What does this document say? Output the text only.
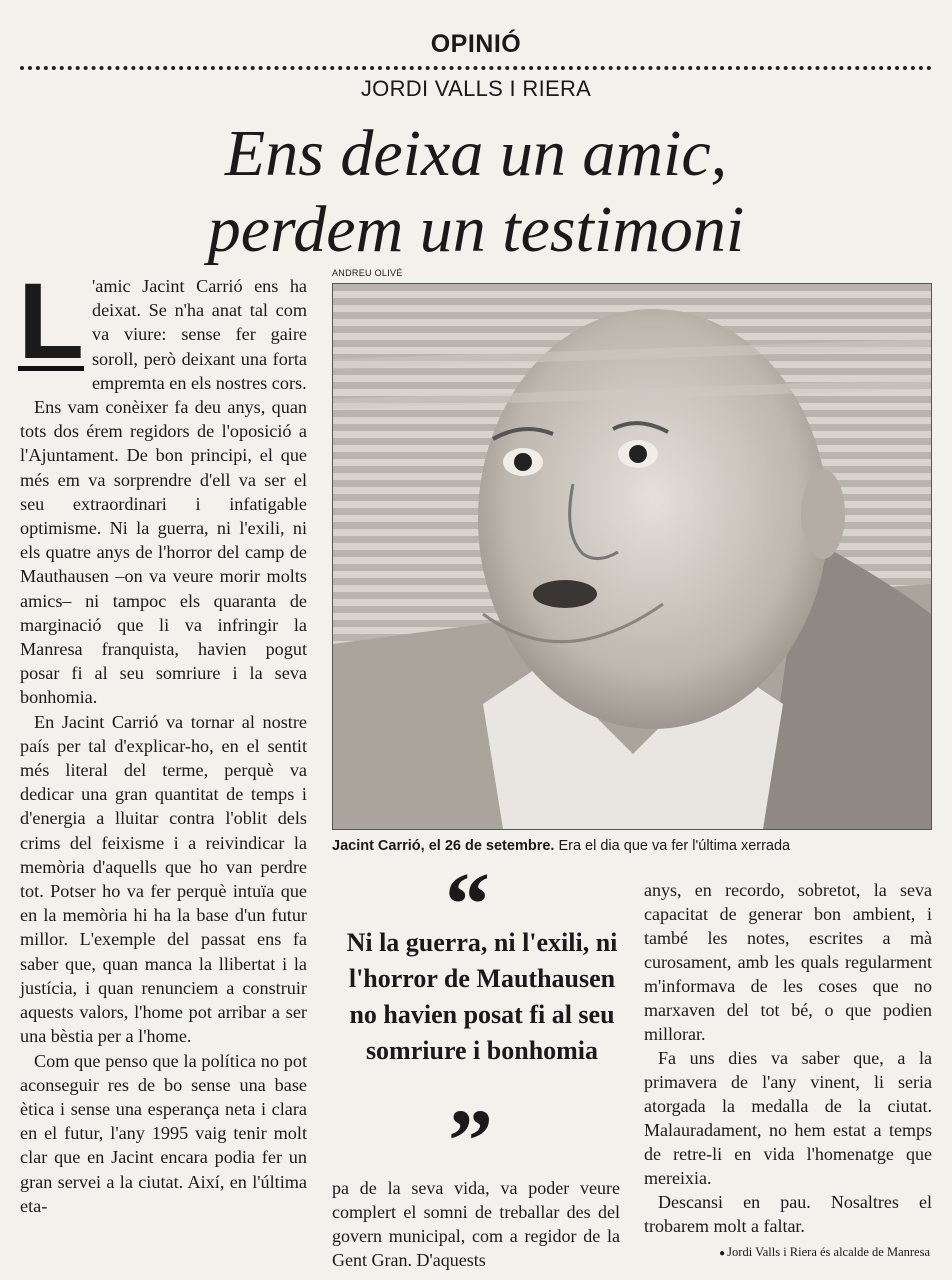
OPINIÓ
JORDI VALLS I RIERA
Ens deixa un amic,
perdem un testimoni
L 'amic Jacint Carrió ens ha deixat. Se n'ha anat tal com va viure: sense fer gaire soroll, però deixant una forta empremta en els nostres cors.

Ens vam conèixer fa deu anys, quan tots dos érem regidors de l'oposició a l'Ajuntament. De bon principi, el que més em va sorprendre d'ell va ser el seu extraordinari i infatigable optimisme. Ni la guerra, ni l'exili, ni els quatre anys de l'horror del camp de Mauthausen –on va veure morir molts amics– ni tampoc els quaranta de marginació que li va infringir la Manresa franquista, havien pogut posar fi al seu somriure i la seva bonhomia.

En Jacint Carrió va tornar al nostre país per tal d'explicar-ho, en el sentit més literal del terme, perquè va dedicar una gran quantitat de temps i d'energia a lluitar contra l'oblit dels crims del feixisme i a reivindicar la memòria d'aquells que ho van perdre tot. Potser ho va fer perquè intuïa que en la memòria hi ha la base d'un futur millor. L'exemple del passat ens fa saber que, quan manca la llibertat i la justícia, i quan renunciem a construir aquests valors, l'home pot arribar a ser una bèstia per a l'home.

Com que penso que la política no pot aconseguir res de bo sense una base ètica i sense una esperança neta i clara en el futur, l'any 1995 vaig tenir molt clar que en Jacint encara podia fer un gran servei a la ciutat. Així, en l'última eta-

ANDREU OLIVÉ
Jacint Carrió, el 26 de setembre. Era el dia que va fer l'última xerrada
“
Ni la guerra, ni l'exili, ni l'horror de Mauthausen no havien posat fi al seu somriure i bonhomia
”

pa de la seva vida, va poder veure complert el somni de treballar des del govern municipal, com a regidor de la Gent Gran. D'aquests

anys, en recordo, sobretot, la seva capacitat de generar bon ambient, i també les notes, escrites a mà curosament, amb les quals regularment m'informava de les coses que no marxaven del tot bé, o que podien millorar.

Fa uns dies va saber que, a la primavera de l'any vinent, li seria atorgada la medalla de la ciutat. Malauradament, no hem estat a temps de retre-li en vida l'homenatge que mereixia.

Descansi en pau. Nosaltres el trobarem molt a faltar.

● Jordi Valls i Riera és alcalde de Manresa
